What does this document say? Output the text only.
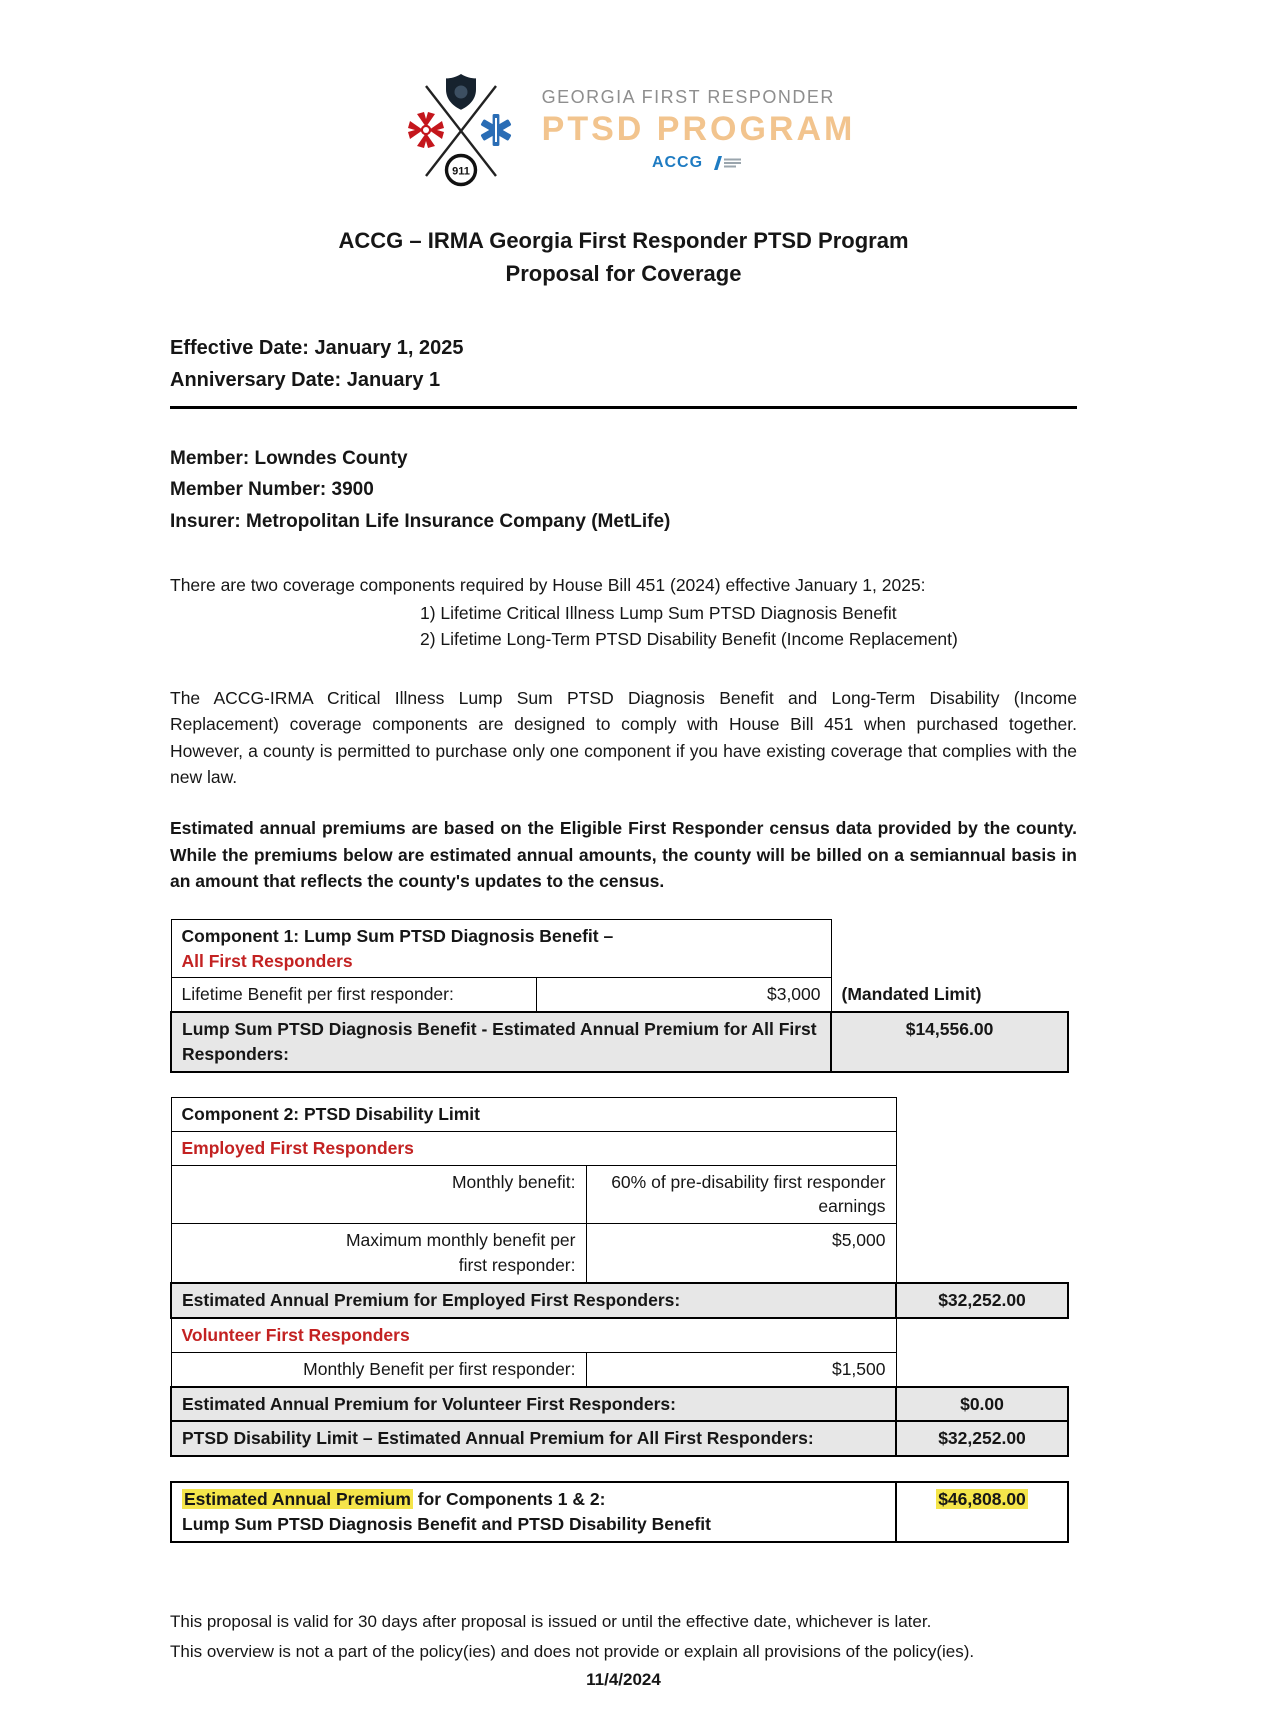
911
GEORGIA FIRST RESPONDER
PTSD PROGRAM
ACCG
ACCG – IRMA Georgia First Responder PTSD Program
Proposal for Coverage
Effective Date: January 1, 2025
Anniversary Date: January 1
Member: Lowndes County
Member Number: 3900
Insurer: Metropolitan Life Insurance Company (MetLife)
There are two coverage components required by House Bill 451 (2024) effective January 1, 2025:
1) Lifetime Critical Illness Lump Sum PTSD Diagnosis Benefit
2) Lifetime Long-Term PTSD Disability Benefit (Income Replacement)
The ACCG-IRMA Critical Illness Lump Sum PTSD Diagnosis Benefit and Long-Term Disability (Income Replacement) coverage components are designed to comply with House Bill 451 when purchased together. However, a county is permitted to purchase only one component if you have existing coverage that complies with the new law.
Estimated annual premiums are based on the Eligible First Responder census data provided by the county. While the premiums below are estimated annual amounts, the county will be billed on a semiannual basis in an amount that reflects the county's updates to the census.
Component 1: Lump Sum PTSD Diagnosis Benefit –
All First Responders		

Lifetime Benefit per first responder:	$3,000	(Mandated Limit)
Lump Sum PTSD Diagnosis Benefit - Estimated Annual Premium for All First Responders:		$14,556.00
Component 2: PTSD Disability Limit		
Employed First Responders		
Monthly benefit:	60% of pre-disability first responder earnings	

Maximum monthly benefit per first responder:	$5,000	
Estimated Annual Premium for Employed First Responders:		$32,252.00
Volunteer First Responders		
Monthly Benefit per first responder:	$1,500	
Estimated Annual Premium for Volunteer First Responders:		$0.00
PTSD Disability Limit – Estimated Annual Premium for All First Responders:		$32,252.00
Estimated Annual Premium for Components 1 & 2:
Lump Sum PTSD Diagnosis Benefit and PTSD Disability Benefit
	$46,808.00
This proposal is valid for 30 days after proposal is issued or until the effective date, whichever is later.
This overview is not a part of the policy(ies) and does not provide or explain all provisions of the policy(ies).
11/4/2024
